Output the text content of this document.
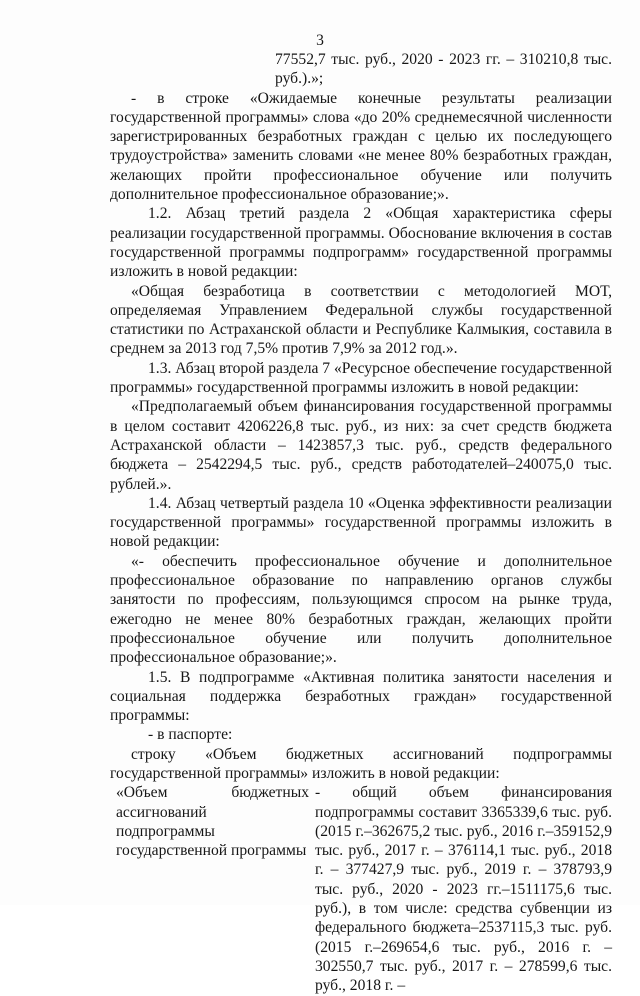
3

77552,7 тыс. руб., 2020 - 2023 гг. – 310210,8 тыс. руб.).»;

- в строке «Ожидаемые конечные результаты реализации государственной программы» слова «до 20% среднемесячной численности зарегистрированных безработных граждан с целью их последующего трудоустройства» заменить словами «не менее 80% безработных граждан, желающих пройти профессиональное обучение или получить дополнительное профессиональное образование;».

1.2. Абзац третий раздела 2 «Общая характеристика сферы реализации государственной программы. Обоснование включения в состав государственной программы подпрограмм» государственной программы изложить в новой редакции:

«Общая безработица в соответствии с методологией МОТ, определяемая Управлением Федеральной службы государственной статистики по Астраханской области и Республике Калмыкия, составила в среднем за 2013 год 7,5% против 7,9% за 2012 год.».

1.3. Абзац второй раздела 7 «Ресурсное обеспечение государственной программы» государственной программы изложить в новой редакции:

«Предполагаемый объем финансирования государственной программы в целом составит 4206226,8 тыс. руб., из них: за счет средств бюджета Астраханской области – 1423857,3 тыс. руб., средств федерального бюджета – 2542294,5 тыс. руб., средств работодателей–240075,0 тыс. рублей.».

1.4. Абзац четвертый раздела 10 «Оценка эффективности реализации государственной программы» государственной программы изложить в новой редакции:

«- обеспечить профессиональное обучение и дополнительное профессиональное образование по направлению органов службы занятости по профессиям, пользующимся спросом на рынке труда, ежегодно не менее 80% безработных граждан, желающих пройти профессиональное обучение или получить дополнительное профессиональное образование;».

1.5. В подпрограмме «Активная политика занятости населения и социальная поддержка безработных граждан» государственной программы:

- в паспорте:

строку «Объем бюджетных ассигнований подпрограммы государственной программы» изложить в новой редакции:

«Объем бюджетных ассигнований подпрограммы государственной программы
- общий объем финансирования подпрограммы составит 3365339,6 тыс. руб. (2015 г.–362675,2 тыс. руб., 2016 г.–359152,9 тыс. руб., 2017 г. – 376114,1 тыс. руб., 2018 г. – 377427,9 тыс. руб., 2019 г. – 378793,9 тыс. руб., 2020 - 2023 гг.–1511175,6 тыс. руб.), в том числе: средства субвенции из федерального бюджета–2537115,3 тыс. руб. (2015 г.–269654,6 тыс. руб., 2016 г. – 302550,7 тыс. руб., 2017 г. – 278599,6 тыс. руб., 2018 г. –
